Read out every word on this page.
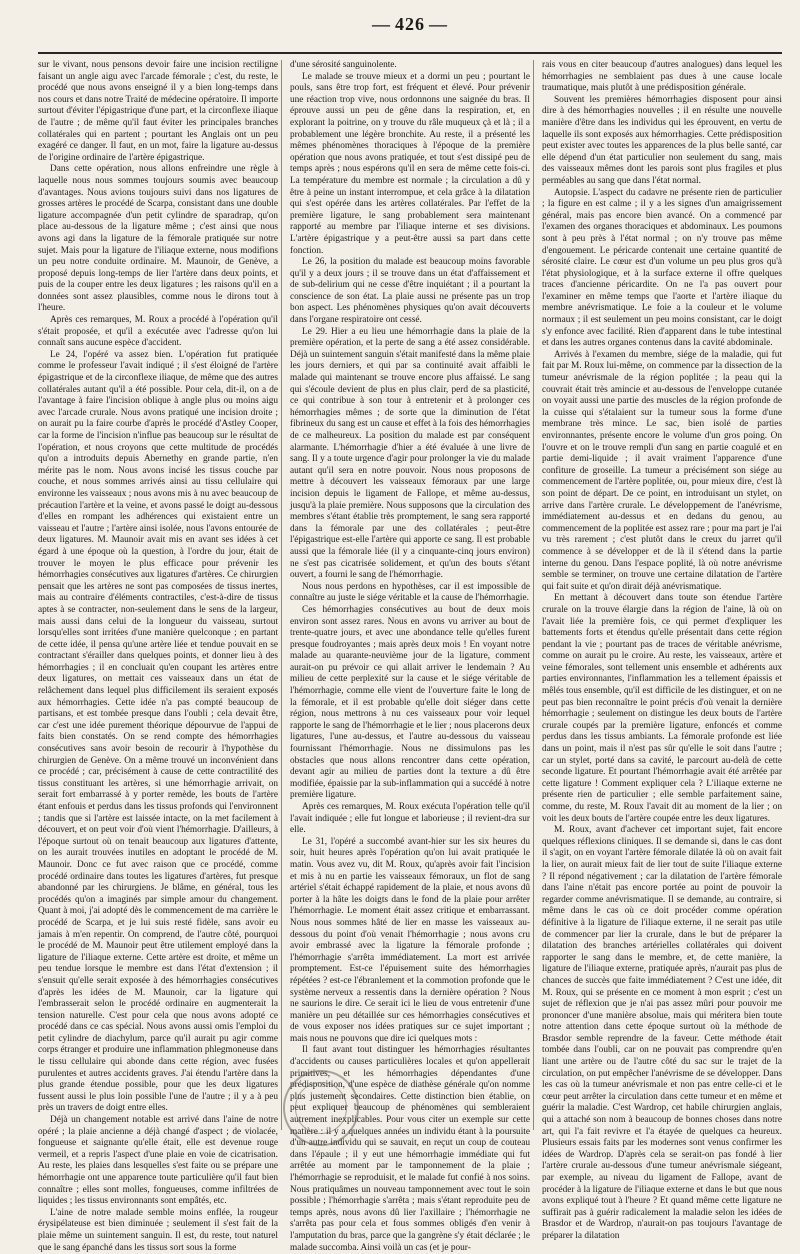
— 426 —

sur le vivant, nous pensons devoir faire une incision rectiligne faisant un angle aigu avec l'arcade fémorale ; c'est, du reste, le procédé que nous avons enseigné il y a bien long-temps dans nos cours et dans notre Traité de médecine opératoire. Il importe surtout d'éviter l'épigastrique d'une part, et la circonflexe iliaque de l'autre ; de même qu'il faut éviter les principales branches collatérales qui en partent ; pourtant les Anglais ont un peu exagéré ce danger. Il faut, en un mot, faire la ligature au-dessus de l'origine ordinaire de l'artère épigastrique.

Dans cette opération, nous allons enfreindre une règle à laquelle nous nous sommes toujours soumis avec beaucoup d'avantages. Nous avions toujours suivi dans nos ligatures de grosses artères le procédé de Scarpa, consistant dans une double ligature accompagnée d'un petit cylindre de sparadrap, qu'on place au-dessous de la ligature même ; c'est ainsi que nous avons agi dans la ligature de la fémorale pratiquée sur notre sujet. Mais pour la ligature de l'iliaque externe, nous modifions un peu notre conduite ordinaire. M. Maunoir, de Genève, a proposé depuis long-temps de lier l'artère dans deux points, et puis de la couper entre les deux ligatures ; les raisons qu'il en a données sont assez plausibles, comme nous le dirons tout à l'heure.

Après ces remarques, M. Roux a procédé à l'opération qu'il s'était proposée, et qu'il a exécutée avec l'adresse qu'on lui connaît sans aucune espèce d'accident.

Le 24, l'opéré va assez bien. L'opération fut pratiquée comme le professeur l'avait indiqué ; il s'est éloigné de l'artère épigastrique et de la circonflexe iliaque, de même que des autres collatérales autant qu'il a été possible. Pour cela, dit-il, on a de l'avantage à faire l'incision oblique à angle plus ou moins aigu avec l'arcade crurale. Nous avons pratiqué une incision droite ; on aurait pu la faire courbe d'après le procédé d'Astley Cooper, car la forme de l'incision n'influe pas beaucoup sur le résultat de l'opération, et nous croyons que cette multitude de procédés qu'on a introduits depuis Abernethy en grande partie, n'en mérite pas le nom. Nous avons incisé les tissus couche par couche, et nous sommes arrivés ainsi au tissu cellulaire qui environne les vaisseaux ; nous avons mis à nu avec beaucoup de précaution l'artère et la veine, et avons passé le doigt au-dessous d'elles en rompant les adhérences qui existaient entre un vaisseau et l'autre ; l'artère ainsi isolée, nous l'avons entourée de deux ligatures. M. Maunoir avait mis en avant ses idées à cet égard à une époque où la question, à l'ordre du jour, était de trouver le moyen le plus efficace pour prévenir les hémorrhagies consécutives aux ligatures d'artères. Ce chirurgien pensait que les artères ne sont pas composées de tissus inertes, mais au contraire d'éléments contractiles, c'est-à-dire de tissus aptes à se contracter, non-seulement dans le sens de la largeur, mais aussi dans celui de la longueur du vaisseau, surtout lorsqu'elles sont irritées d'une manière quelconque ; en partant de cette idée, il pensa qu'une artère liée et tendue pouvait en se contractant s'érailler dans quelques points, et donner lieu à des hémorrhagies ; il en concluait qu'en coupant les artères entre deux ligatures, on mettait ces vaisseaux dans un état de relâchement dans lequel plus difficilement ils seraient exposés aux hémorrhagies. Cette idée n'a pas compté beaucoup de partisans, et est tombée presque dans l'oubli ; cela devait être, car c'est une idée purement théorique dépourvue de l'appui de faits bien constatés. On se rend compte des hémorrhagies consécutives sans avoir besoin de recourir à l'hypothèse du chirurgien de Genève. On a même trouvé un inconvénient dans ce procédé ; car, précisément à cause de cette contractilité des tissus constituant les artères, si une hémorrhagie arrivait, on serait fort embarrassé à y porter remède, les bouts de l'artère étant enfouis et perdus dans les tissus profonds qui l'environnent ; tandis que si l'artère est laissée intacte, on la met facilement à découvert, et on peut voir d'où vient l'hémorrhagie. D'ailleurs, à l'époque surtout où on tenait beaucoup aux ligatures d'attente, on les aurait trouvées inutiles en adoptant le procédé de M. Maunoir. Donc ce fut avec raison que ce procédé, comme procédé ordinaire dans toutes les ligatures d'artères, fut presque abandonné par les chirurgiens. Je blâme, en général, tous les procédés qu'on a imaginés par simple amour du changement. Quant à moi, j'ai adopté dès le commencement de ma carrière le procédé de Scarpa, et je lui suis resté fidèle, sans avoir eu jamais à m'en repentir. On comprend, de l'autre côté, pourquoi le procédé de M. Maunoir peut être utilement employé dans la ligature de l'iliaque externe. Cette artère est droite, et même un peu tendue lorsque le membre est dans l'état d'extension ; il s'ensuit qu'elle serait exposée à des hémorrhagies consécutives d'après les idées de M. Maunoir, car la ligature qui l'embrasserait selon le procédé ordinaire en augmenterait la tension naturelle. C'est pour cela que nous avons adopté ce procédé dans ce cas spécial. Nous avons aussi omis l'emploi du petit cylindre de diachylum, parce qu'il aurait pu agir comme corps étranger et produire une inflammation phlegmoneuse dans le tissu cellulaire qui abonde dans cette région, avec fusées purulentes et autres accidents graves. J'ai étendu l'artère dans la plus grande étendue possible, pour que les deux ligatures fussent aussi le plus loin possible l'une de l'autre ; il y a à peu près un travers de doigt entre elles.

Déjà un changement notable est arrivé dans l'aine de notre opéré ; la plaie ancienne a déjà changé d'aspect ; de violacée, fongueuse et saignante qu'elle était, elle est devenue rouge vermeil, et a repris l'aspect d'une plaie en voie de cicatrisation. Au reste, les plaies dans lesquelles s'est faite ou se prépare une hémorrhagie ont une apparence toute particulière qu'il faut bien connaître ; elles sont molles, fongueuses, comme infiltrées de liquides ; les tissus environnants sont empâtés, etc.

L'aine de notre malade semble moins enflée, la rougeur érysipélateuse est bien diminuée ; seulement il s'est fait de la plaie même un suintement sanguin. Il est, du reste, tout naturel que le sang épanché dans les tissus sort sous la forme

d'une sérosité sanguinolente.

Le malade se trouve mieux et a dormi un peu ; pourtant le pouls, sans être trop fort, est fréquent et élevé. Pour prévenir une réaction trop vive, nous ordonnons une saignée du bras. Il éprouve aussi un peu de gêne dans la respiration, et, en explorant la poitrine, on y trouve du râle muqueux çà et là ; il a probablement une légère bronchite. Au reste, il a présenté les mêmes phénomènes thoraciques à l'époque de la première opération que nous avons pratiquée, et tout s'est dissipé peu de temps après ; nous espérons qu'il en sera de même cette fois-ci. La température du membre est normale ; la circulation a dû y être à peine un instant interrompue, et cela grâce à la dilatation qui s'est opérée dans les artères collatérales. Par l'effet de la première ligature, le sang probablement sera maintenant rapporté au membre par l'iliaque interne et ses divisions. L'artère épigastrique y a peut-être aussi sa part dans cette fonction.

Le 26, la position du malade est beaucoup moins favorable qu'il y a deux jours ; il se trouve dans un état d'affaissement et de sub-delirium qui ne cesse d'être inquiétant ; il a pourtant la conscience de son état. La plaie aussi ne présente pas un trop bon aspect. Les phénomènes physiques qu'on avait découverts dans l'organe respiratoire ont cessé.

Le 29. Hier a eu lieu une hémorrhagie dans la plaie de la première opération, et la perte de sang a été assez considérable. Déjà un suintement sanguin s'était manifesté dans la même plaie les jours derniers, et qui par sa continuité avait affaibli le malade qui maintenant se trouve encore plus affaissé. Le sang qui s'écoule devient de plus en plus clair, perd de sa plasticité, ce qui contribue à son tour à entretenir et à prolonger ces hémorrhagies mêmes ; de sorte que la diminution de l'état fibrineux du sang est un cause et effet à la fois des hémorrhagies de ce malheureux. La position du malade est par conséquent alarmante. L'hémorrhagie d'hier a été évaluée à une livre de sang. Il y a toute urgence d'agir pour prolonger la vie du malade autant qu'il sera en notre pouvoir. Nous nous proposons de mettre à découvert les vaisseaux fémoraux par une large incision depuis le ligament de Fallope, et même au-dessus, jusqu'à la plaie première. Nous supposons que la circulation des membres s'étant établie très promptement, le sang sera rapporté dans la fémorale par une des collatérales ; peut-être l'épigastrique est-elle l'artère qui apporte ce sang. Il est probable aussi que la fémorale liée (il y a cinquante-cinq jours environ) ne s'est pas cicatrisée solidement, et qu'un des bouts s'étant ouvert, a fourni le sang de l'hémorrhagie.

Nous nous perdons en hypothèses, car il est impossible de connaître au juste le siége véritable et la cause de l'hémorrhagie.

Ces hémorrhagies consécutives au bout de deux mois environ sont assez rares. Nous en avons vu arriver au bout de trente-quatre jours, et avec une abondance telle qu'elles furent presque foudroyantes ; mais après deux mois ! En voyant notre malade au quarante-neuvième jour de la ligature, comment aurait-on pu prévoir ce qui allait arriver le lendemain ? Au milieu de cette perplexité sur la cause et le siége véritable de l'hémorrhagie, comme elle vient de l'ouverture faite le long de la fémorale, et il est probable qu'elle doit siéger dans cette région, nous mettrons à nu ces vaisseaux pour voir lequel rapporte le sang de l'hémorrhagie et le lier ; nous placerons deux ligatures, l'une au-dessus, et l'autre au-dessous du vaisseau fournissant l'hémorrhagie. Nous ne dissimulons pas les obstacles que nous allons rencontrer dans cette opération, devant agir au milieu de parties dont la texture a dû être modifiée, épaissie par la sub-inflammation qui a succédé à notre première ligature.

Après ces remarques, M. Roux exécuta l'opération telle qu'il l'avait indiquée ; elle fut longue et laborieuse ; il revient-dra sur elle.

Le 31, l'opéré a succombé avant-hier sur les six heures du soir, huit heures après l'opération qu'on lui avait pratiquée le matin. Vous avez vu, dit M. Roux, qu'après avoir fait l'incision et mis à nu en partie les vaisseaux fémoraux, un flot de sang artériel s'était échappé rapidement de la plaie, et nous avons dû porter à la hâte les doigts dans le fond de la plaie pour arrêter l'hémorrhagie. Le moment était assez critique et embarrassant. Nous nous sommes hâté de lier en masse les vaisseaux au-dessous du point d'où venait l'hémorrhagie ; nous avons cru avoir embrassé avec la ligature la fémorale profonde ; l'hémorrhagie s'arrêta immédiatement. La mort est arrivée promptement. Est-ce l'épuisement suite des hémorrhagies répétées ? est-ce l'ébranlement et la commotion profonde que le système nerveux a ressentis dans la dernière opération ? Nous ne saurions le dire. Ce serait ici le lieu de vous entretenir d'une manière un peu détaillée sur ces hémorrhagies consécutives et de vous exposer nos idées pratiques sur ce sujet important ; mais nous ne pouvons que dire ici quelques mots :

Il faut avant tout distinguer les hémorrhagies résultantes d'accidents ou causes particulières locales et qu'on appellerait primitives, et les hémorrhagies dépendantes d'une prédisposition, d'une espèce de diathèse générale qu'on nomme plus justement secondaires. Cette distinction bien établie, on peut expliquer beaucoup de phénomènes qui sembleraient autrement inexplicables. Pour vous citer un exemple sur cette matière : il y a quelques années un individu étant à la poursuite d'un autre individu qui se sauvait, en reçut un coup de couteau dans l'épaule ; il y eut une hémorrhagie immédiate qui fut arrêtée au moment par le tamponnement de la plaie ; l'hémorrhagie se reproduisit, et le malade fut confié à nos soins. Nous pratiquâmes un nouveau tamponnement avec tout le soin possible ; l'hémorrhagie s'arrêta ; mais s'étant reproduite peu de temps après, nous avons dû lier l'axillaire ; l'hémorrhagie ne s'arrêta pas pour cela et fous sommes obligés d'en venir à l'amputation du bras, parce que la gangrène s'y était déclarée ; le malade succomba. Ainsi voilà un cas (et je pour-

rais vous en citer beaucoup d'autres analogues) dans lequel les hémorrhagies ne semblaient pas dues à une cause locale traumatique, mais plutôt à une prédisposition générale.

Souvent les premières hémorrhagies disposent pour ainsi dire à des hémorrhagies nouvelles ; il en résulte une nouvelle manière d'être dans les individus qui les éprouvent, en vertu de laquelle ils sont exposés aux hémorrhagies. Cette prédisposition peut exister avec toutes les apparences de la plus belle santé, car elle dépend d'un état particulier non seulement du sang, mais des vaisseaux mêmes dont les parois sont plus fragiles et plus perméables au sang que dans l'état normal.

Autopsie. L'aspect du cadavre ne présente rien de particulier ; la figure en est calme ; il y a les signes d'un amaigrissement général, mais pas encore bien avancé. On a commencé par l'examen des organes thoraciques et abdominaux. Les poumons sont à peu près à l'état normal ; on n'y trouve pas même d'engouement. Le péricarde contenait une certaine quantité de sérosité claire. Le cœur est d'un volume un peu plus gros qu'à l'état physiologique, et à la surface externe il offre quelques traces d'ancienne péricardite. On ne l'a pas ouvert pour l'examiner en même temps que l'aorte et l'artère iliaque du membre anévrismatique. Le foie a la couleur et le volume normaux ; il est seulement un peu moins consistant, car le doigt s'y enfonce avec facilité. Rien d'apparent dans le tube intestinal et dans les autres organes contenus dans la cavité abdominale.

Arrivés à l'examen du membre, siége de la maladie, qui fut fait par M. Roux lui-même, on commence par la dissection de la tumeur anévrismale de la région poplitée ; la peau qui la couvrait était très amincie et au-dessous de l'enveloppe cutanée on voyait aussi une partie des muscles de la région profonde de la cuisse qui s'étalaient sur la tumeur sous la forme d'une membrane très mince. Le sac, bien isolé de parties environnantes, présente encore le volume d'un gros poing. On l'ouvre et on le trouve rempli d'un sang en partie coagulé et en partie demi-liquide ; il avait vraiment l'apparence d'une confiture de groseille. La tumeur a précisément son siége au commencement de l'artère poplitée, ou, pour mieux dire, c'est là son point de départ. De ce point, en introduisant un stylet, on arrive dans l'artère crurale. Le développement de l'anévrisme, immédiatement au-dessus et en dedans du genou, au commencement de la poplitée est assez rare ; pour ma part je l'ai vu très rarement ; c'est plutôt dans le creux du jarret qu'il commence à se développer et de là il s'étend dans la partie interne du genou. Dans l'espace poplité, là où notre anévrisme semble se terminer, on trouve une certaine dilatation de l'artère qui fait suite et qu'on dirait déjà anévrismatique.

En mettant à découvert dans toute son étendue l'artère crurale on la trouve élargie dans la région de l'aine, là où on l'avait liée la première fois, ce qui permet d'expliquer les battements forts et étendus qu'elle présentait dans cette région pendant la vie ; pourtant pas de traces de véritable anévrisme, comme on aurait pu le croire. Au reste, les vaisseaux, artère et veine fémorales, sont tellement unis ensemble et adhérents aux parties environnantes, l'inflammation les a tellement épaissis et mêlés tous ensemble, qu'il est difficile de les distinguer, et on ne peut pas bien reconnaître le point précis d'où venait la dernière hémorrhagie ; seulement on distingue les deux bouts de l'artère crurale coupés par la première ligature, enfoncés et comme perdus dans les tissus ambiants. La fémorale profonde est liée dans un point, mais il n'est pas sûr qu'elle le soit dans l'autre ; car un stylet, porté dans sa cavité, le parcourt au-delà de cette seconde ligature. Et pourtant l'hémorrhagie avait été arrêtée par cette ligature ! Comment expliquer cela ? L'iliaque externe ne présente rien de particulier ; elle semble parfaitement saine, comme, du reste, M. Roux l'avait dit au moment de la lier ; on voit les deux bouts de l'artère coupée entre les deux ligatures.

M. Roux, avant d'achever cet important sujet, fait encore quelques réflexions cliniques. Il se demande si, dans le cas dont il s'agit, on en voyant l'artère fémorale dilatée là où on avait fait la lier, on aurait mieux fait de lier tout de suite l'iliaque externe ? Il répond négativement ; car la dilatation de l'artère fémorale dans l'aine n'était pas encore portée au point de pouvoir la regarder comme anévrismatique. Il se demande, au contraire, si même dans le cas où ce doit procéder comme opération définitive à la ligature de l'iliaque externe, il ne serait pas utile de commencer par lier la crurale, dans le but de préparer la dilatation des branches artérielles collatérales qui doivent rapporter le sang dans le membre, et, de cette manière, la ligature de l'iliaque externe, pratiquée après, n'aurait pas plus de chances de succès que faite immédiatement ? C'est une idée, dit M. Roux, qui se présente en ce moment à mon esprit ; c'est un sujet de réflexion que je n'ai pas assez mûri pour pouvoir me prononcer d'une manière absolue, mais qui méritera bien toute notre attention dans cette époque surtout où la méthode de Brasdor semble reprendre de la faveur. Cette méthode était tombée dans l'oubli, car on ne pouvait pas comprendre qu'en liant une artère ou de l'autre côté du sac sur le trajet de la circulation, on put empêcher l'anévrisme de se développer. Dans les cas où la tumeur anévrismale et non pas entre celle-ci et le cœur peut arrêter la circulation dans cette tumeur et en même et guérir la maladie. C'est Wardrop, cet habile chirurgien anglais, qui a attaché son nom à beaucoup de bonnes choses dans notre art, qui l'a fait revivre et l'a étayée de quelques ca heureux. Plusieurs essais faits par les modernes sont venus confirmer les idées de Wardrop. D'après cela se serait-on pas fondé à lier l'artère crurale au-dessous d'une tumeur anévrismale siégeant, par exemple, au niveau du ligament de Fallope, avant de procéder à la ligature de l'iliaque externe et dans le but que nous avons expliqué tout à l'heure ? Et quand même cette ligature ne suffirait pas à guérir radicalement la maladie selon les idées de Brasdor et de Wardrop, n'aurait-on pas toujours l'avantage de préparer la dilatation
